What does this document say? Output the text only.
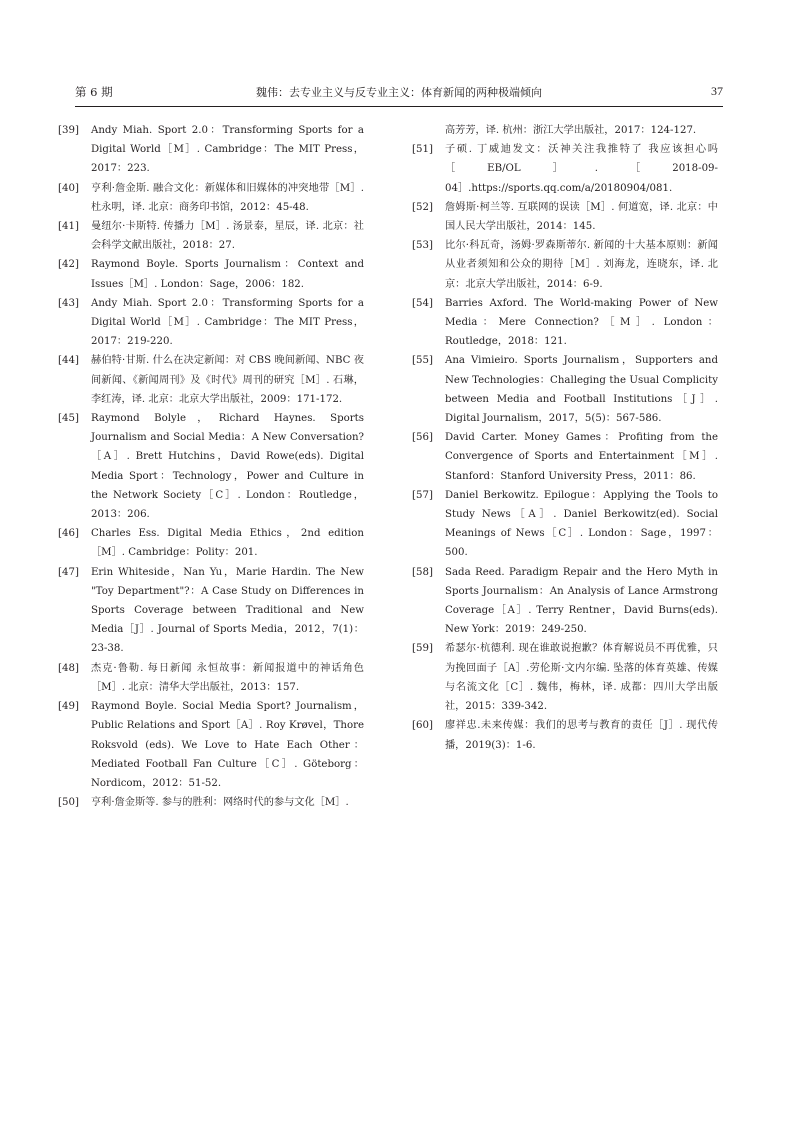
第 6 期	魏伟：去专业主义与反专业主义：体育新闻的两种极端倾向	37
[39]	Andy Miah. Sport 2.0：Transforming Sports for a Digital World［M］. Cambridge：The MIT Press，2017：223.
[40]	亨利·詹金斯. 融合文化：新媒体和旧媒体的冲突地带［M］. 杜永明，译. 北京：商务印书馆，2012：45-48.
[41]	曼纽尔·卡斯特. 传播力［M］. 汤景泰，星辰，译. 北京：社会科学文献出版社，2018：27.
[42]	Raymond Boyle. Sports Journalism：Context and Issues［M］. London：Sage，2006：182.
[43]	Andy Miah. Sport 2.0：Transforming Sports for a Digital World［M］. Cambridge：The MIT Press，2017：219-220.
[44]	赫伯特·甘斯. 什么在决定新闻：对 CBS 晚间新闻、NBC 夜间新闻、《新闻周刊》及《时代》周刊的研究［M］. 石琳，李红涛，译. 北京：北京大学出版社，2009：171-172.
[45]	Raymond Bolyle，Richard Haynes. Sports Journalism and Social Media：A New Conversation?［A］. Brett Hutchins，David Rowe(eds). Digital Media Sport：Technology，Power and Culture in the Network Society［C］. London：Routledge，2013：206.
[46]	Charles Ess. Digital Media Ethics，2nd edition［M］. Cambridge：Polity：201.
[47]	Erin Whiteside，Nan Yu，Marie Hardin. The New "Toy Department"?：A Case Study on Differences in Sports Coverage between Traditional and New Media［J］. Journal of Sports Media，2012，7(1)：23-38.
[48]	杰克·鲁勒. 每日新闻 永恒故事：新闻报道中的神话角色［M］. 北京：清华大学出版社，2013：157.
[49]	Raymond Boyle. Social Media Sport? Journalism，Public Relations and Sport［A］. Roy Krøvel，Thore Roksvold (eds). We Love to Hate Each Other：Mediated Football Fan Culture［C］. Göteborg：Nordicom，2012：51-52.
[50]	亨利·詹金斯等. 参与的胜利：网络时代的参与文化［M］.
高芳芳，译. 杭州：浙江大学出版社，2017：124-127.
[51]	子硕. 丁威迪发文：沃神关注我推特了 我应该担心吗［EB/OL］.［2018-09-04］.https://sports.qq.com/a/20180904/081.
[52]	詹姆斯·柯兰等. 互联网的误读［M］. 何道宽，译. 北京：中国人民大学出版社，2014：145.
[53]	比尔·科瓦奇，汤姆·罗森斯蒂尔. 新闻的十大基本原则：新闻从业者须知和公众的期待［M］. 刘海龙，连晓东，译. 北京：北京大学出版社，2014：6-9.
[54]	Barries Axford. The World-making Power of New Media：Mere Connection?［M］. London：Routledge，2018：121.
[55]	Ana Vimieiro. Sports Journalism，Supporters and New Technologies：Challeging the Usual Complicity between Media and Football Institutions［J］. Digital Journalism，2017，5(5)：567-586.
[56]	David Carter. Money Games：Profiting from the Convergence of Sports and Entertainment［M］. Stanford：Stanford University Press，2011：86.
[57]	Daniel Berkowitz. Epilogue：Applying the Tools to Study News［A］. Daniel Berkowitz(ed). Social Meanings of News［C］. London：Sage，1997：500.
[58]	Sada Reed. Paradigm Repair and the Hero Myth in Sports Journalism：An Analysis of Lance Armstrong Coverage［A］. Terry Rentner，David Burns(eds). New York：2019：249-250.
[59]	希瑟尔·杭德利. 现在谁敢说抱歉？体育解说员不再优雅，只为挽回面子［A］.劳伦斯·文内尔编. 坠落的体育英雄、传媒与名流文化［C］. 魏伟，梅林，译. 成都：四川大学出版社，2015：339-342.
[60]	廖祥忠.未来传媒：我们的思考与教育的责任［J］. 现代传播，2019(3)：1-6.
